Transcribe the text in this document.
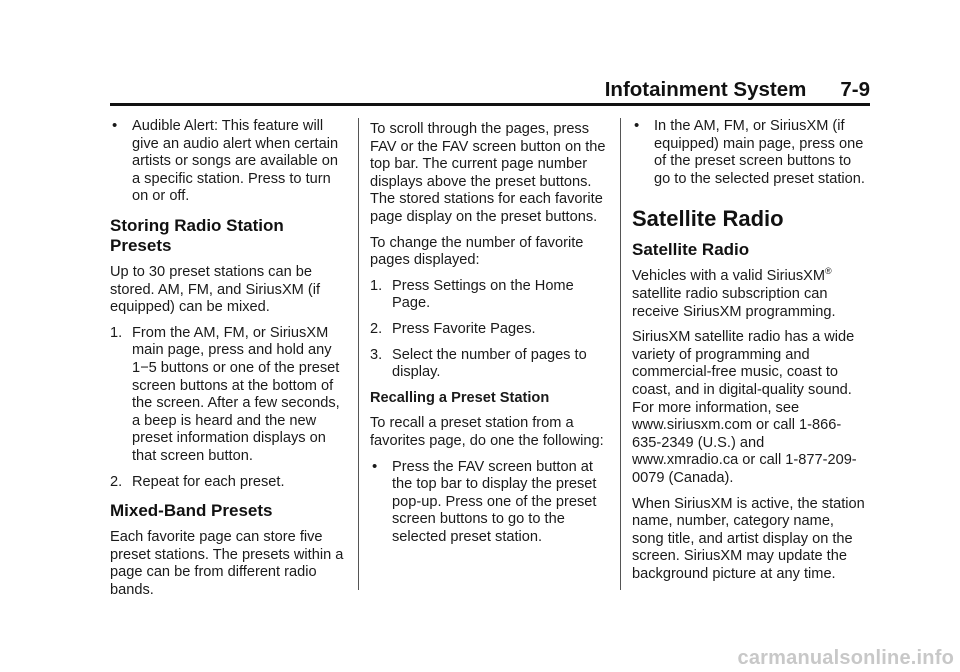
Infotainment System 7-9
• Audible Alert: This feature will give an audio alert when certain artists or songs are available on a specific station. Press to turn on or off.
Storing Radio Station Presets

Up to 30 preset stations can be stored. AM, FM, and SiriusXM (if equipped) can be mixed.

1. From the AM, FM, or SiriusXM main page, press and hold any 1−5 buttons or one of the preset screen buttons at the bottom of the screen. After a few seconds, a beep is heard and the new preset information displays on that screen button.
2. Repeat for each preset.
Mixed-Band Presets

Each favorite page can store five preset stations. The presets within a page can be from different radio bands.

To scroll through the pages, press FAV or the FAV screen button on the top bar. The current page number displays above the preset buttons. The stored stations for each favorite page display on the preset buttons.

To change the number of favorite pages displayed:

1. Press Settings on the Home Page.
2. Press Favorite Pages.
3. Select the number of pages to display.
Recalling a Preset Station

To recall a preset station from a favorites page, do one the following:

• Press the FAV screen button at the top bar to display the preset pop-up. Press one of the preset screen buttons to go to the selected preset station.
• In the AM, FM, or SiriusXM (if equipped) main page, press one of the preset screen buttons to go to the selected preset station.
Satellite Radio
Satellite Radio

Vehicles with a valid SiriusXM® satellite radio subscription can receive SiriusXM programming.

SiriusXM satellite radio has a wide variety of programming and commercial-free music, coast to coast, and in digital-quality sound. For more information, see www.siriusxm.com or call 1-866-635-2349 (U.S.) and www.xmradio.ca or call 1-877-209-0079 (Canada).

When SiriusXM is active, the station name, number, category name, song title, and artist display on the screen. SiriusXM may update the background picture at any time.

carmanualsonline.info
